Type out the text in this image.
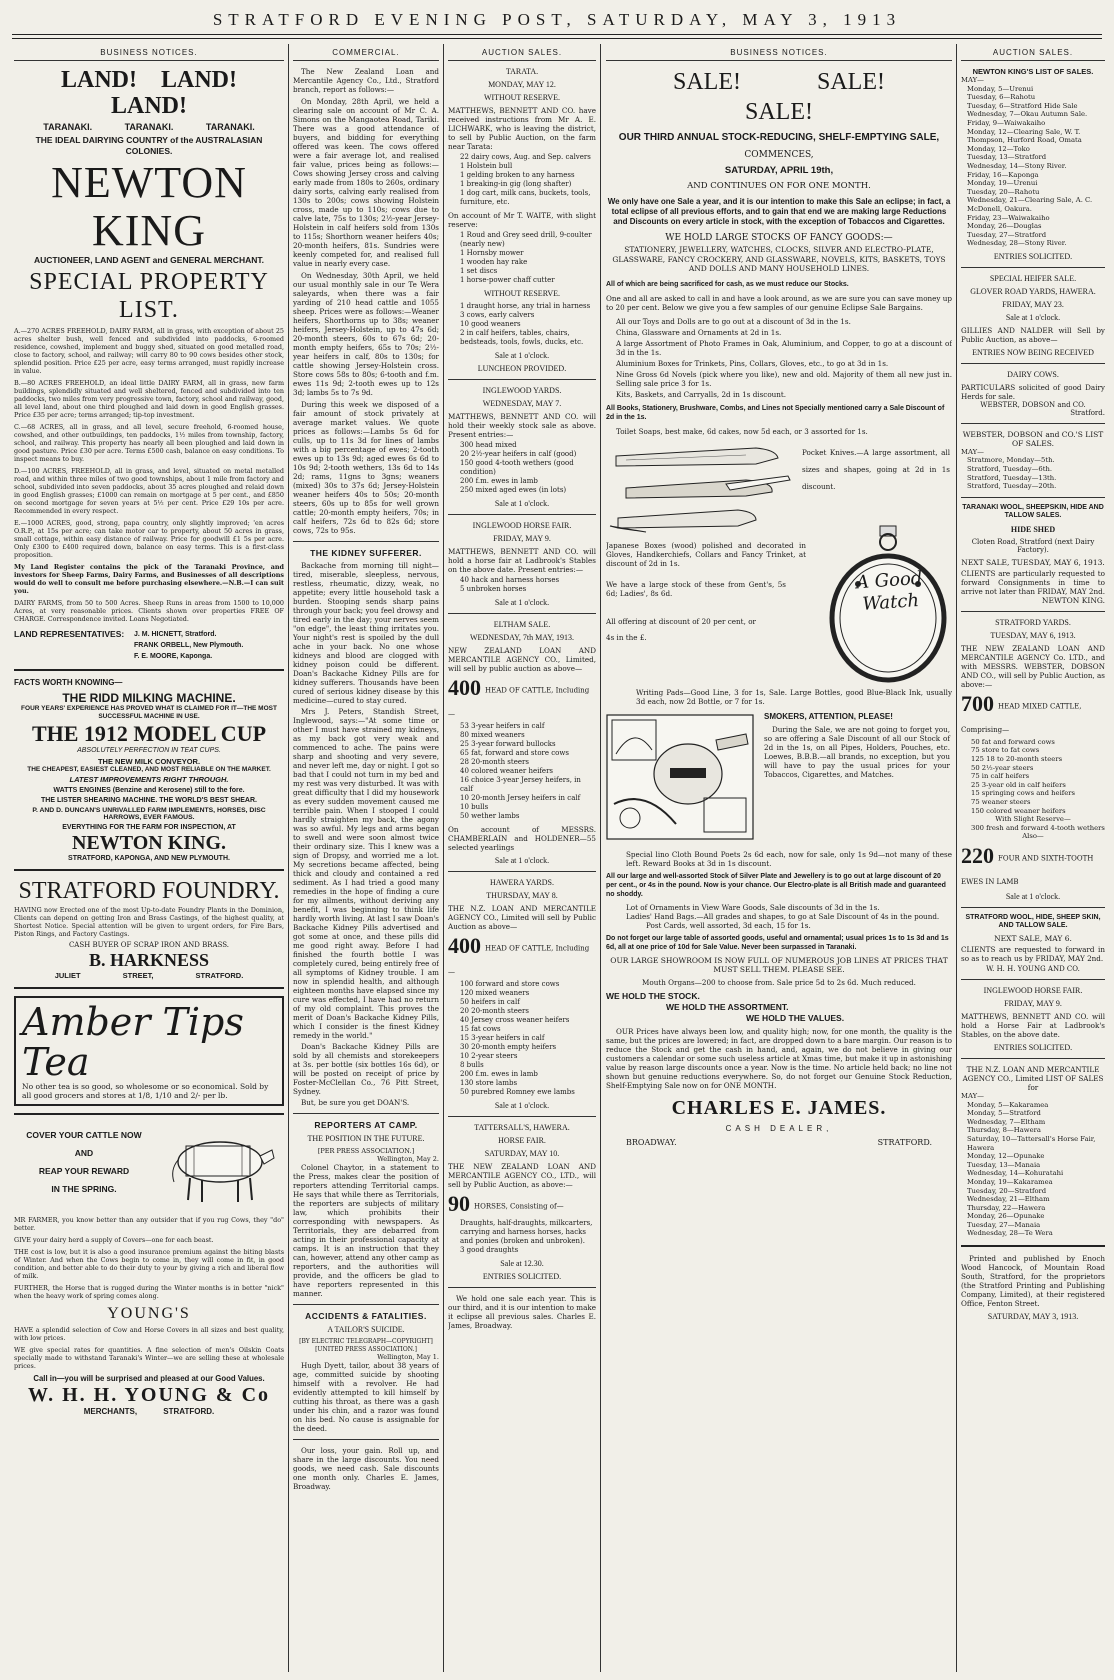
STRATFORD EVENING POST, SATURDAY, MAY 3, 1913
BUSINESS NOTICES.
LAND! LAND! LAND!
TARANAKI. TARANAKI. TARANAKI.
THE IDEAL DAIRYING COUNTRY of the AUSTRALASIAN COLONIES.
NEWTON KING
AUCTIONEER, LAND AGENT and GENERAL MERCHANT.
SPECIAL PROPERTY LIST.

A.—270 ACRES FREEHOLD, DAIRY FARM, all in grass, with exception of about 25 acres shelter bush, well fenced and subdivided into paddocks, 6-roomed residence, cowshed, implement and buggy shed, situated on good metalled road, close to factory, school, and railway; will carry 80 to 90 cows besides other stock, splendid position. Price £25 per acre, easy terms arranged, must rapidly increase in value.

B.—80 ACRES FREEHOLD, an ideal little DAIRY FARM, all in grass, new farm buildings, splendidly situated and well sheltered, fenced and subdivided into ten paddocks, two miles from very progressive town, factory, school and railway, good, all level land, about one third ploughed and laid down in good English grasses. Price £35 per acre; terms arranged; tip-top investment.

C.—68 ACRES, all in grass, and all level, secure freehold, 6-roomed house, cowshed, and other outbuildings, ten paddocks, 1½ miles from township, factory, school, and railway. This property has nearly all been ploughed and laid down in good pasture. Price £30 per acre. Terms £500 cash, balance on easy conditions. To inspect means to buy.

D.—100 ACRES, FREEHOLD, all in grass, and level, situated on metal metalled road, and within three miles of two good townships, about 1 mile from factory and school, subdivided into seven paddocks, about 35 acres ploughed and relaid down in good English grasses; £1000 can remain on mortgage at 5 per cent., and £850 on second mortgage for seven years at 5½ per cent. Price £29 10s per acre. Recommended in every respect.

E.—1000 ACRES, good, strong, papa country, only slightly improved; 'en acres O.R.P., at 15s per acre; can take motor car to property, about 50 acres in grass, small cottage, within easy distance of railway. Price for goodwill £1 5s per acre. Only £300 to £400 required down, balance on easy terms. This is a first-class proposition.

My Land Register contains the pick of the Taranaki Province, and investors for Sheep Farms, Dairy Farms, and Businesses of all descriptions would do well to consult me before purchasing elsewhere.—N.B.—I can suit you.

DAIRY FARMS, from 50 to 500 Acres. Sheep Runs in areas from 1500 to 10,000 Acres, at very reasonable prices. Clients shown over properties FREE OF CHARGE. Correspondence invited. Loans Negotiated.

LAND REPRESENTATIVES:	J. M. HICNETT, Stratford.
FRANK ORBELL, New Plymouth.
F. E. MOORE, Kaponga.
FACTS WORTH KNOWING—
THE RIDD MILKING MACHINE.
FOUR YEARS' EXPERIENCE HAS PROVED WHAT IS CLAIMED FOR IT—THE MOST SUCCESSFUL MACHINE IN USE.
THE 1912 MODEL CUP
ABSOLUTELY PERFECTION IN TEAT CUPS.
THE NEW MILK CONVEYOR.
THE CHEAPEST, EASIEST CLEANED, AND MOST RELIABLE ON THE MARKET.
LATEST IMPROVEMENTS RIGHT THROUGH.
WATTS ENGINES (Benzine and Kerosene) still to the fore.
THE LISTER SHEARING MACHINE. THE WORLD'S BEST SHEAR.
P. AND D. DUNCAN'S UNRIVALLED FARM IMPLEMENTS, HORSES, DISC HARROWS, EVER FAMOUS.
EVERYTHING FOR THE FARM FOR INSPECTION, AT
NEWTON KING.
STRATFORD, KAPONGA, AND NEW PLYMOUTH.
STRATFORD FOUNDRY.

HAVING now Erected one of the most Up-to-date Foundry Plants in the Dominion, Clients can depend on getting Iron and Brass Castings, of the highest quality, at Shortest Notice. Special attention will be given to urgent orders, for Fire Bars, Piston Rings, and Factory Castings.

CASH BUYER OF SCRAP IRON AND BRASS.
B. HARKNESS
JULIET STREET, STRATFORD.
Amber Tips Tea
No other tea is so good, so wholesome or so economical. Sold by all good grocers and stores at 1/8, 1/10 and 2/- per lb.
COVER YOUR CATTLE NOW
AND
REAP YOUR REWARD
IN THE SPRING.

MR FARMER, you know better than any outsider that if you rug Cows, they "do" better.

GIVE your dairy herd a supply of Covers—one for each beast.

THE cost is low, but it is also a good insurance premium against the biting blasts of Winter. And when the Cows begin to come in, they will come in fit, in good condition, and better able to do their duty to your by giving a rich and liberal flow of milk.

FURTHER, the Horse that is rugged during the Winter months is in better "nick" when the heavy work of spring comes along.

YOUNG'S

HAVE a splendid selection of Cow and Horse Covers in all sizes and best quality, with low prices.

WE give special rates for quantities. A fine selection of men's Oilskin Coats specially made to withstand Taranaki's Winter—we are selling these at wholesale prices.

Call in—you will be surprised and pleased at our Good Values.
W. H. H. YOUNG & Co
MERCHANTS, STRATFORD.
COMMERCIAL.

The New Zealand Loan and Mercantile Agency Co., Ltd., Stratford branch, report as follows:—

On Monday, 28th April, we held a clearing sale on account of Mr C. A. Simons on the Mangaotea Road, Tariki. There was a good attendance of buyers, and bidding for everything offered was keen. The cows offered were a fair average lot, and realised fair value, prices being as follows:—Cows showing Jersey cross and calving early made from 180s to 260s, ordinary dairy sorts, calving early realised from 130s to 200s; cows showing Holstein cross, made up to 110s; cows due to calve late, 75s to 130s; 2½-year Jersey-Holstein in calf heifers sold from 130s to 115s; Shorthorn weaner heifers 40s; 20-month heifers, 81s. Sundries were keenly competed for, and realised full value in nearly every case.

On Wednesday, 30th April, we held our usual monthly sale in our Te Wera saleyards, when there was a fair yarding of 210 head cattle and 1055 sheep. Prices were as follows:—Weaner heifers, Shorthorns up to 38s; weaner heifers, Jersey-Holstein, up to 47s 6d; 20-month steers, 60s to 67s 6d; 20-month empty heifers, 65s to 70s; 2½-year heifers in calf, 80s to 130s; for cattle showing Jersey-Holstein cross. Store cows 58s to 80s; 6-tooth and f.m. ewes 11s 9d; 2-tooth ewes up to 12s 3d; lambs 5s to 7s 9d.

During this week we disposed of a fair amount of stock privately at average market values. We quote prices as follows:—Lambs 5s 6d for culls, up to 11s 3d for lines of lambs with a big percentage of ewes; 2-tooth ewes up to 13s 9d; aged ewes 6s 6d to 10s 9d; 2-tooth wethers, 13s 6d to 14s 2d; rams, 11gns to 3gns; weaners (mixed) 30s to 37s 6d; Jersey-Holstein weaner heifers 40s to 50s; 20-month steers, 60s up to 85s for well grown cattle; 20-month empty heifers, 70s; in calf heifers, 72s 6d to 82s 6d; store cows, 72s to 95s.

THE KIDNEY SUFFERER.

Backache from morning till night—tired, miserable, sleepless, nervous, restless, rheumatic, dizzy, weak, no appetite; every little household task a burden. Stooping sends sharp pains through your back; you feel drowsy and tired early in the day; your nerves seem "on edge", the least thing irritates you. Your night's rest is spoiled by the dull ache in your back. No one whose kidneys and blood are clogged with kidney poison could be different. Doan's Backache Kidney Pills are for kidney sufferers. Thousands have been cured of serious kidney disease by this medicine—cured to stay cured.

Mrs J. Peters, Standish Street, Inglewood, says:—"At some time or other I must have strained my kidneys, as my back got very weak and commenced to ache. The pains were sharp and shooting and very severe, and never left me, day or night. I got so bad that I could not turn in my bed and my rest was very disturbed. It was with great difficulty that I did my housework as every sudden movement caused me terrible pain. When I stooped I could hardly straighten my back, the agony was so awful. My legs and arms began to swell and were soon almost twice their ordinary size. This I knew was a sign of Dropsy, and worried me a lot. My secretions became affected, being thick and cloudy and contained a red sediment. As I had tried a good many remedies in the hope of finding a cure for my ailments, without deriving any benefit, I was beginning to think life hardly worth living. At last I saw Doan's Backache Kidney Pills advertised and got some at once, and these pills did me good right away. Before I had finished the fourth bottle I was completely cured, being entirely free of all symptoms of Kidney trouble. I am now in splendid health, and although eighteen months have elapsed since my cure was effected, I have had no return of my old complaint. This proves the merit of Doan's Backache Kidney Pills, which I consider is the finest Kidney remedy in the world."

Doan's Backache Kidney Pills are sold by all chemists and storekeepers at 3s. per bottle (six bottles 16s 6d), or will be posted on receipt of price by Foster-McClellan Co., 76 Pitt Street, Sydney.

But, be sure you get DOAN'S.

REPORTERS AT CAMP.
THE POSITION IN THE FUTURE.
[PER PRESS ASSOCIATION.]
Wellington, May 2.

Colonel Chaytor, in a statement to the Press, makes clear the position of reporters attending Territorial camps. He says that while there as Territorials, the reporters are subjects of military law, which prohibits their corresponding with newspapers. As Territorials, they are debarred from acting in their professional capacity at camps. It is an instruction that they can, however, attend any other camp as reporters, and the authorities will provide, and the officers be glad to have reporters represented in this manner.

ACCIDENTS & FATALITIES.
A TAILOR'S SUICIDE.
[BY ELECTRIC TELEGRAPH—COPYRIGHT] [UNITED PRESS ASSOCIATION.]
Wellington, May 1.

Hugh Dyett, tailor, about 38 years of age, committed suicide by shooting himself with a revolver. He had evidently attempted to kill himself by cutting his throat, as there was a gash under his chin, and a razor was found on his bed. No cause is assignable for the deed.

Our loss, your gain. Roll up, and share in the large discounts. You need goods, we need cash. Sale discounts one month only. Charles E. James, Broadway.

AUCTION SALES.
TARATA.
MONDAY, MAY 12.
WITHOUT RESERVE.

MATTHEWS, BENNETT AND CO. have received instructions from Mr A. E. LICHWARK, who is leaving the district, to sell by Public Auction, on the farm near Tarata:

22 dairy cows, Aug. and Sep. calvers
1 Holstein bull
1 gelding broken to any harness
1 breaking-in gig (long shafter)
1 dog cart, milk cans, buckets, tools, furniture, etc.

On account of Mr T. WAITE, with slight reserve:

1 Roud and Grey seed drill, 9-coulter (nearly new)
1 Hornsby mower
1 wooden hay rake
1 set discs
1 horse-power chaff cutter
WITHOUT RESERVE.
1 draught horse, any trial in harness
3 cows, early calvers
10 good weaners
2 in calf heifers, tables, chairs, bedsteads, tools, fowls, ducks, etc.
Sale at 1 o'clock.
LUNCHEON PROVIDED.
INGLEWOOD YARDS.
WEDNESDAY, MAY 7.

MATTHEWS, BENNETT AND CO. will hold their weekly stock sale as above. Present entries:—

300 head mixed
20 2½-year heifers in calf (good)
150 good 4-tooth wethers (good condition)
200 f.m. ewes in lamb
250 mixed aged ewes (in lots)
Sale at 1 o'clock.
INGLEWOOD HORSE FAIR.
FRIDAY, MAY 9.

MATTHEWS, BENNETT AND CO. will hold a horse fair at Ladbrook's Stables on the above date. Present entries:—

40 hack and harness horses
5 unbroken horses
Sale at 1 o'clock.
ELTHAM SALE.
WEDNESDAY, 7th MAY, 1913.

NEW ZEALAND LOAN AND MERCANTILE AGENCY CO., Limited, will sell by public auction as above—

400 HEAD OF CATTLE, Including—
53 3-year heifers in calf
80 mixed weaners
25 3-year forward bullocks
65 fat, forward and store cows
28 20-month steers
40 colored weaner heifers
16 choice 3-year Jersey heifers, in calf
10 20-month Jersey heifers in calf
10 bulls
50 wether lambs

On account of MESSRS. CHAMBERLAIN and HOLDENER—55 selected yearlings

Sale at 1 o'clock.
HAWERA YARDS.
THURSDAY, MAY 8.

THE N.Z. LOAN AND MERCANTILE AGENCY CO., Limited will sell by Public Auction as above—

400 HEAD OF CATTLE, Including—
100 forward and store cows
120 mixed weaners
50 heifers in calf
20 20-month steers
40 Jersey cross weaner heifers
15 fat cows
15 3-year heifers in calf
30 20-month empty heifers
10 2-year steers
8 bulls
200 f.m. ewes in lamb
130 store lambs
50 purebred Romney ewe lambs
Sale at 1 o'clock.
TATTERSALL'S, HAWERA.
HORSE FAIR.
SATURDAY, MAY 10.

THE NEW ZEALAND LOAN AND MERCANTILE AGENCY CO., LTD., will sell by Public Auction, as above:—

90 HORSES, Consisting of—
Draughts, half-draughts, milkcarters, carrying and harness horses, hacks and ponies (broken and unbroken).
3 good draughts
Sale at 12.30.
ENTRIES SOLICITED.

We hold one sale each year. This is our third, and it is our intention to make it eclipse all previous sales. Charles E. James, Broadway.

BUSINESS NOTICES.
SALE! SALE! SALE!
OUR THIRD ANNUAL STOCK-REDUCING, SHELF-EMPTYING SALE,
COMMENCES,
SATURDAY, APRIL 19th,
AND CONTINUES ON FOR ONE MONTH.

We only have one Sale a year, and it is our intention to make this Sale an eclipse; in fact, a total eclipse of all previous efforts, and to gain that end we are making large Reductions and Discounts on every article in stock, with the exception of Tobaccos and Cigarettes.

WE HOLD LARGE STOCKS OF FANCY GOODS:—

STATIONERY, JEWELLERY, WATCHES, CLOCKS, SILVER AND ELECTRO-PLATE, GLASSWARE, FANCY CROCKERY, AND GLASSWARE, NOVELS, KITS, BASKETS, TOYS AND DOLLS AND MANY HOUSEHOLD LINES.

All of which are being sacrificed for cash, as we must reduce our Stocks.

One and all are asked to call in and have a look around, as we are sure you can save money up to 20 per cent. Below we give you a few samples of our genuine Eclipse Sale Bargains.

All our Toys and Dolls are to go out at a discount of 3d in the 1s.

China, Glassware and Ornaments at 2d in 1s.

A large Assortment of Photo Frames in Oak, Aluminium, and Copper, to go at a discount of 3d in the 1s.

Aluminium Boxes for Trinkets, Pins, Collars, Gloves, etc., to go at 3d in 1s.

Nine Gross 6d Novels (pick where you like), new and old. Majority of them all new just in. Selling sale price 3 for 1s.

Kits, Baskets, and Carryalls, 2d in 1s discount.

All Books, Stationery, Brushware, Combs, and Lines not Specially mentioned carry a Sale Discount of 2d in the 1s.

Toilet Soaps, best make, 6d cakes, now 5d each, or 3 assorted for 1s.

Pocket Knives.—A large assortment, all sizes and shapes, going at 2d in 1s discount.

Japanese Boxes (wood) polished and decorated in Gloves, Handkerchiefs, Collars and Fancy Trinket, at discount of 2d in 1s.

We have a large stock of these from Gent's, 5s 6d; Ladies', 8s 6d.

All offering at discount of 20 per cent, or 4s in the £.

A Good Watch

Writing Pads—Good Line, 3 for 1s, Sale. Large Bottles, good Blue-Black Ink, usually 3d each, now 2d Bottle, or 7 for 1s.

SMOKERS, ATTENTION, PLEASE!

During the Sale, we are not going to forget you, so are offering a Sale Discount of all our Stock of 2d in the 1s, on all Pipes, Holders, Pouches, etc. Loewes, B.B.B.—all brands, no exception, but you will have to pay the usual prices for your Tobaccos, Cigarettes, and Matches.

Special lino Cloth Bound Poets 2s 6d each, now for sale, only 1s 9d—not many of these left. Reward Books at 3d in 1s discount.

All our large and well-assorted Stock of Silver Plate and Jewellery is to go out at large discount of 20 per cent., or 4s in the pound. Now is your chance. Our Electro-plate is all British made and guaranteed no shoddy.

Lot of Ornaments in View Ware Goods, Sale discounts of 3d in the 1s.

Ladies' Hand Bags.—All grades and shapes, to go at Sale Discount of 4s in the pound.

Post Cards, well assorted, 3d each, 15 for 1s.

Do not forget our large table of assorted goods, useful and ornamental; usual prices 1s to 1s 3d and 1s 6d, all at one price of 10d for Sale Value. Never been surpassed in Taranaki.

OUR LARGE SHOWROOM IS NOW FULL OF NUMEROUS JOB LINES AT PRICES THAT MUST SELL THEM. PLEASE SEE.

Mouth Organs—200 to choose from. Sale price 5d to 2s 6d. Much reduced.

WE HOLD THE STOCK.
WE HOLD THE ASSORTMENT.
WE HOLD THE VALUES.

OUR Prices have always been low, and quality high; now, for one month, the quality is the same, but the prices are lowered; in fact, are dropped down to a bare margin. Our reason is to reduce the Stock and get the cash in hand, and, again, we do not believe in giving our customers a calendar or some such useless article at Xmas time, but make it up in astonishing value by reason large discounts once a year. Now is the time. No article held back; no line not shown but genuine reductions everywhere. So, do not forget our Genuine Stock Reduction, Shelf-Emptying Sale now on for ONE MONTH.

CHARLES E. JAMES.
CASH DEALER,
BROADWAY.	STRATFORD.
AUCTION SALES.
NEWTON KING'S LIST OF SALES.
MAY—
Monday, 5—Urenui
Tuesday, 6—Rahotu
Tuesday, 6—Stratford Hide Sale
Wednesday, 7—Okau Autumn Sale.
Friday, 9—Waiwakaiho
Monday, 12—Clearing Sale, W. T. Thompson, Hurford Road, Omata
Monday, 12—Toko
Tuesday, 13—Stratford
Wednesday, 14—Stony River.
Friday, 16—Kaponga
Monday, 19—Urenui
Tuesday, 20—Rahotu
Wednesday, 21—Clearing Sale, A. C. McDonell, Oakura.
Friday, 23—Waiwakaiho
Monday, 26—Douglas
Tuesday, 27—Stratford
Wednesday, 28—Stony River.
ENTRIES SOLICITED.
SPECIAL HEIFER SALE.
GLOVER ROAD YARDS, HAWERA.
FRIDAY, MAY 23.
Sale at 1 o'clock.

GILLIES AND NALDER will Sell by Public Auction, as above—

ENTRIES NOW BEING RECEIVED
DAIRY COWS.

PARTICULARS solicited of good Dairy Herds for sale.

WEBSTER, DOBSON and CO.
Stratford.
WEBSTER, DOBSON and CO.'S LIST OF SALES.
MAY—
Stratmore, Monday—5th.
Stratford, Tuesday—6th.
Stratford, Tuesday—13th.
Stratford, Tuesday—20th.
TARANAKI WOOL, SHEEPSKIN, HIDE AND TALLOW SALES.
HIDE SHED
Cloten Road, Stratford (next Dairy Factory).
NEXT SALE, TUESDAY, MAY 6, 1913.

CLIENTS are particularly requested to forward Consignments in time to arrive not later than FRIDAY, MAY 2nd.

NEWTON KING.
STRATFORD YARDS.
TUESDAY, MAY 6, 1913.

THE NEW ZEALAND LOAN AND MERCANTILE AGENCY Co. LTD., and with MESSRS. WEBSTER, DOBSON AND CO., will sell by Public Auction, as above:—

700 HEAD MIXED CATTLE, Comprising—
50 fat and forward cows
75 store to fat cows
125 18 to 20-month steers
50 2½-year steers
75 in calf heifers
25 3-year old in calf heifers
15 springing cows and heifers
75 weaner steers
150 colored weaner heifers
With Slight Reserve—
300 fresh and forward 4-tooth wethers
Also—
220 FOUR AND SIXTH-TOOTH EWES IN LAMB
Sale at 1 o'clock.
STRATFORD WOOL, HIDE, SHEEP SKIN, AND TALLOW SALE.
NEXT SALE, MAY 6.

CLIENTS are requested to forward in so as to reach us by FRIDAY, MAY 2nd.

W. H. H. YOUNG AND CO.
INGLEWOOD HORSE FAIR.
FRIDAY, MAY 9.

MATTHEWS, BENNETT AND CO. will hold a Horse Fair at Ladbrook's Stables, on the above date.

ENTRIES SOLICITED.
THE N.Z. LOAN AND MERCANTILE AGENCY CO., Limited LIST OF SALES for
MAY—
Monday, 5—Kakaramea
Monday, 5—Stratford
Wednesday, 7—Eltham
Thursday, 8—Hawera
Saturday, 10—Tattersall's Horse Fair, Hawera
Monday, 12—Opunake
Tuesday, 13—Manaia
Wednesday, 14—Kohuratahi
Monday, 19—Kakaramea
Tuesday, 20—Stratford
Wednesday, 21—Eltham
Thursday, 22—Hawera
Monday, 26—Opunake
Tuesday, 27—Manaia
Wednesday, 28—Te Wera

Printed and published by Enoch Wood Hancock, of Mountain Road South, Stratford, for the proprietors (the Stratford Printing and Publishing Company, Limited), at their registered Office, Fenton Street.

SATURDAY, MAY 3, 1913.
